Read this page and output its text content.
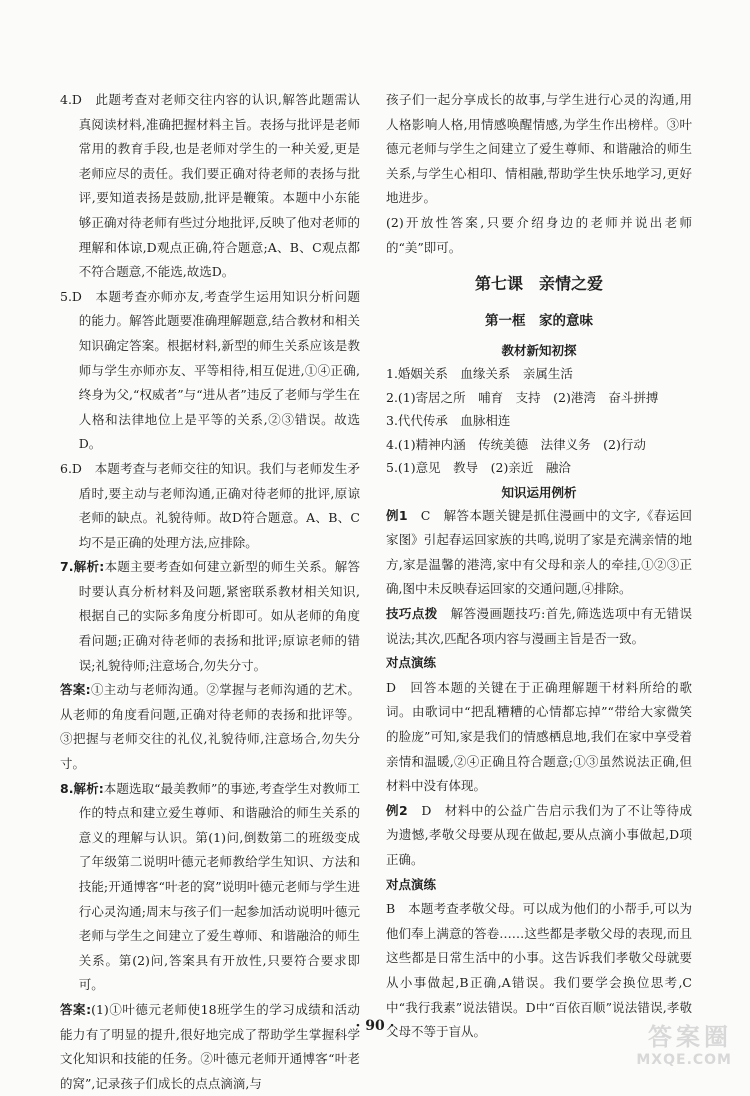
4.D　此题考查对老师交往内容的认识,解答此题需认真阅读材料,准确把握材料主旨。表扬与批评是老师常用的教育手段,也是老师对学生的一种关爱,更是老师应尽的责任。我们要正确对待老师的表扬与批评,要知道表扬是鼓励,批评是鞭策。本题中小东能够正确对待老师有些过分地批评,反映了他对老师的理解和体谅,D观点正确,符合题意;A、B、C观点都不符合题意,不能选,故选D。

5.D　本题考查亦师亦友,考查学生运用知识分析问题的能力。解答此题要准确理解题意,结合教材和相关知识确定答案。根据材料,新型的师生关系应该是教师与学生亦师亦友、平等相待,相互促进,①④正确,终身为父,“权威者”与“进从者”违反了老师与学生在人格和法律地位上是平等的关系,②③错误。故选D。

6.D　本题考查与老师交往的知识。我们与老师发生矛盾时,要主动与老师沟通,正确对待老师的批评,原谅老师的缺点。礼貌待师。故D符合题意。A、B、C均不是正确的处理方法,应排除。

7.解析:本题主要考查如何建立新型的师生关系。解答时要认真分析材料及问题,紧密联系教材相关知识,根据自己的实际多角度分析即可。如从老师的角度看问题;正确对待老师的表扬和批评;原谅老师的错误;礼貌待师;注意场合,勿失分寸。

答案:①主动与老师沟通。②掌握与老师沟通的艺术。从老师的角度看问题,正确对待老师的表扬和批评等。③把握与老师交往的礼仪,礼貌待师,注意场合,勿失分寸。

8.解析:本题选取“最美教师”的事迹,考查学生对教师工作的特点和建立爱生尊师、和谐融洽的师生关系的意义的理解与认识。第(1)问,倒数第二的班级变成了年级第二说明叶德元老师教给学生知识、方法和技能;开通博客“叶老的窝”说明叶德元老师与学生进行心灵沟通;周末与孩子们一起参加活动说明叶德元老师与学生之间建立了爱生尊师、和谐融洽的师生关系。第(2)问,答案具有开放性,只要符合要求即可。

答案:(1)①叶德元老师使18班学生的学习成绩和活动能力有了明显的提升,很好地完成了帮助学生掌握科学文化知识和技能的任务。②叶德元老师开通博客“叶老的窝”,记录孩子们成长的点点滴滴,与

孩子们一起分享成长的故事,与学生进行心灵的沟通,用人格影响人格,用情感唤醒情感,为学生作出榜样。③叶德元老师与学生之间建立了爱生尊师、和谐融洽的师生关系,与学生心相印、情相融,帮助学生快乐地学习,更好地进步。

(2)开放性答案,只要介绍身边的老师并说出老师的“美”即可。

第七课　亲情之爱
第一框　家的意味
教材新知初探

1.婚姻关系　血缘关系　亲属生活

2.(1)寄居之所　哺育　支持　(2)港湾　奋斗拼搏

3.代代传承　血脉相连

4.(1)精神内涵　传统美德　法律义务　(2)行动

5.(1)意见　教导　(2)亲近　融洽

知识运用例析

例1　 C　解答本题关键是抓住漫画中的文字,《春运回家图》引起春运回家族的共鸣,说明了家是充满亲情的地方,家是温馨的港湾,家中有父母和亲人的牵挂,①②③正确,图中未反映春运回家的交通问题,④排除。

技巧点拨　 解答漫画题技巧:首先,筛选选项中有无错误说法;其次,匹配各项内容与漫画主旨是否一致。

对点演练

D　回答本题的关键在于正确理解题干材料所给的歌词。由歌词中“把乱糟糟的心情都忘掉”“带给大家微笑的脸庞”可知,家是我们的情感栖息地,我们在家中享受着亲情和温暖,②④正确且符合题意;①③虽然说法正确,但材料中没有体现。

例2　 D　材料中的公益广告启示我们为了不让等待成为遗憾,孝敬父母要从现在做起,要从点滴小事做起,D项正确。

对点演练

B　本题考查孝敬父母。可以成为他们的小帮手,可以为他们奉上满意的答卷……这些都是孝敬父母的表现,而且这些都是日常生活中的小事。这告诉我们孝敬父母就要从小事做起,B正确,A错误。我们要学会换位思考,C中“我行我素”说法错误。D中“百依百顺”说法错误,孝敬父母不等于盲从。

· 90 ·	答案圈
MXQE.COM
